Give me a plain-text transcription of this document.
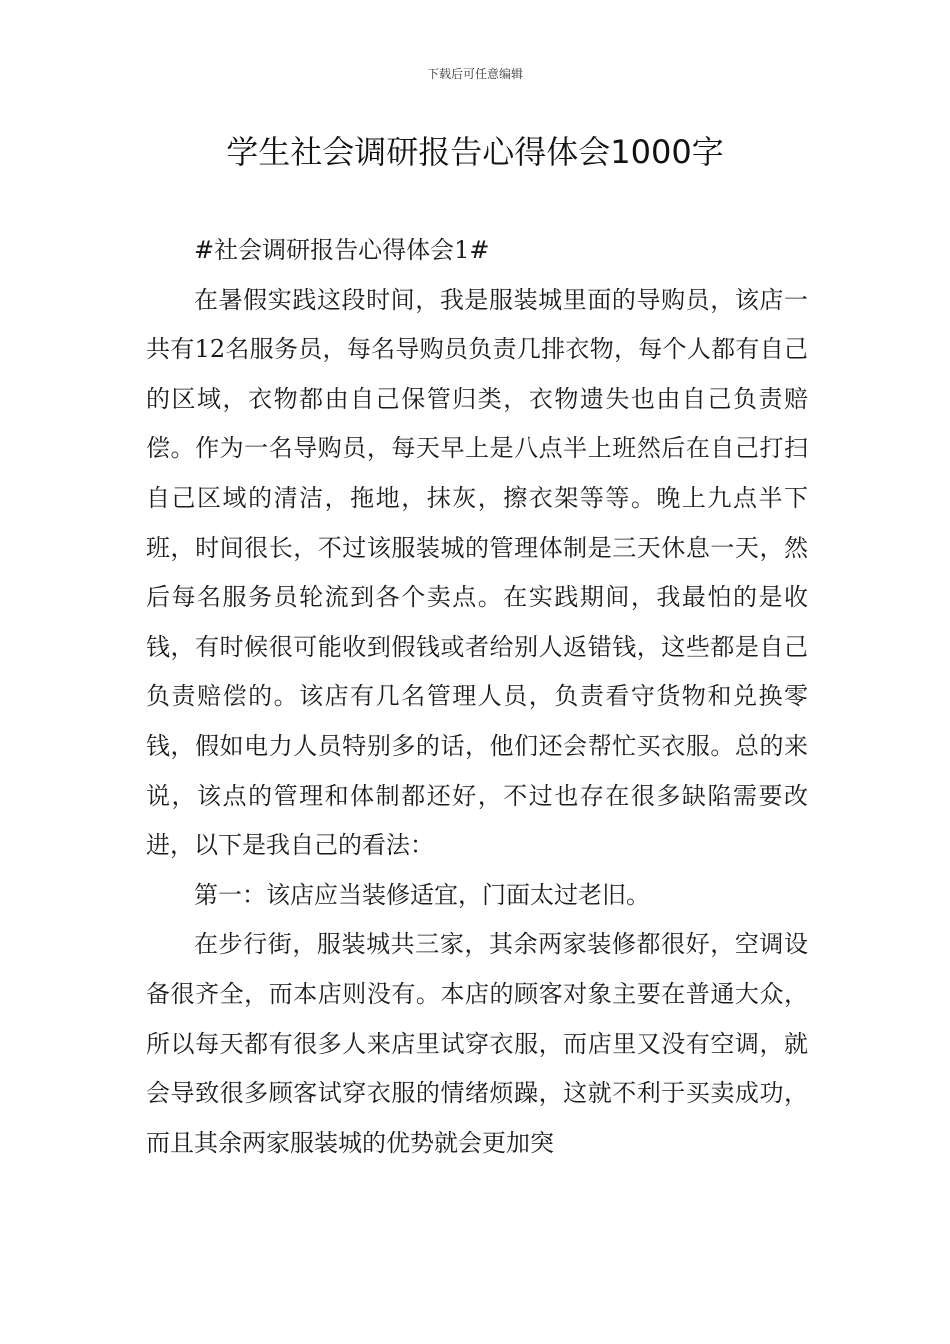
下载后可任意编辑
学生社会调研报告心得体会1000字

#社会调研报告心得体会1#

在暑假实践这段时间，我是服装城里面的导购员，该店一共有12名服务员，每名导购员负责几排衣物，每个人都有自己的区域，衣物都由自己保管归类，衣物遗失也由自己负责赔偿。作为一名导购员，每天早上是八点半上班然后在自己打扫自己区域的清洁，拖地，抹灰，擦衣架等等。晚上九点半下班，时间很长，不过该服装城的管理体制是三天休息一天，然后每名服务员轮流到各个卖点。在实践期间，我最怕的是收钱，有时候很可能收到假钱或者给别人返错钱，这些都是自己负责赔偿的。该店有几名管理人员，负责看守货物和兑换零钱，假如电力人员特别多的话，他们还会帮忙买衣服。总的来说，该点的管理和体制都还好，不过也存在很多缺陷需要改进，以下是我自己的看法：

第一：该店应当装修适宜，门面太过老旧。

在步行街，服装城共三家，其余两家装修都很好，空调设备很齐全，而本店则没有。本店的顾客对象主要在普通大众，所以每天都有很多人来店里试穿衣服，而店里又没有空调，就会导致很多顾客试穿衣服的情绪烦躁，这就不利于买卖成功，而且其余两家服装城的优势就会更加突
